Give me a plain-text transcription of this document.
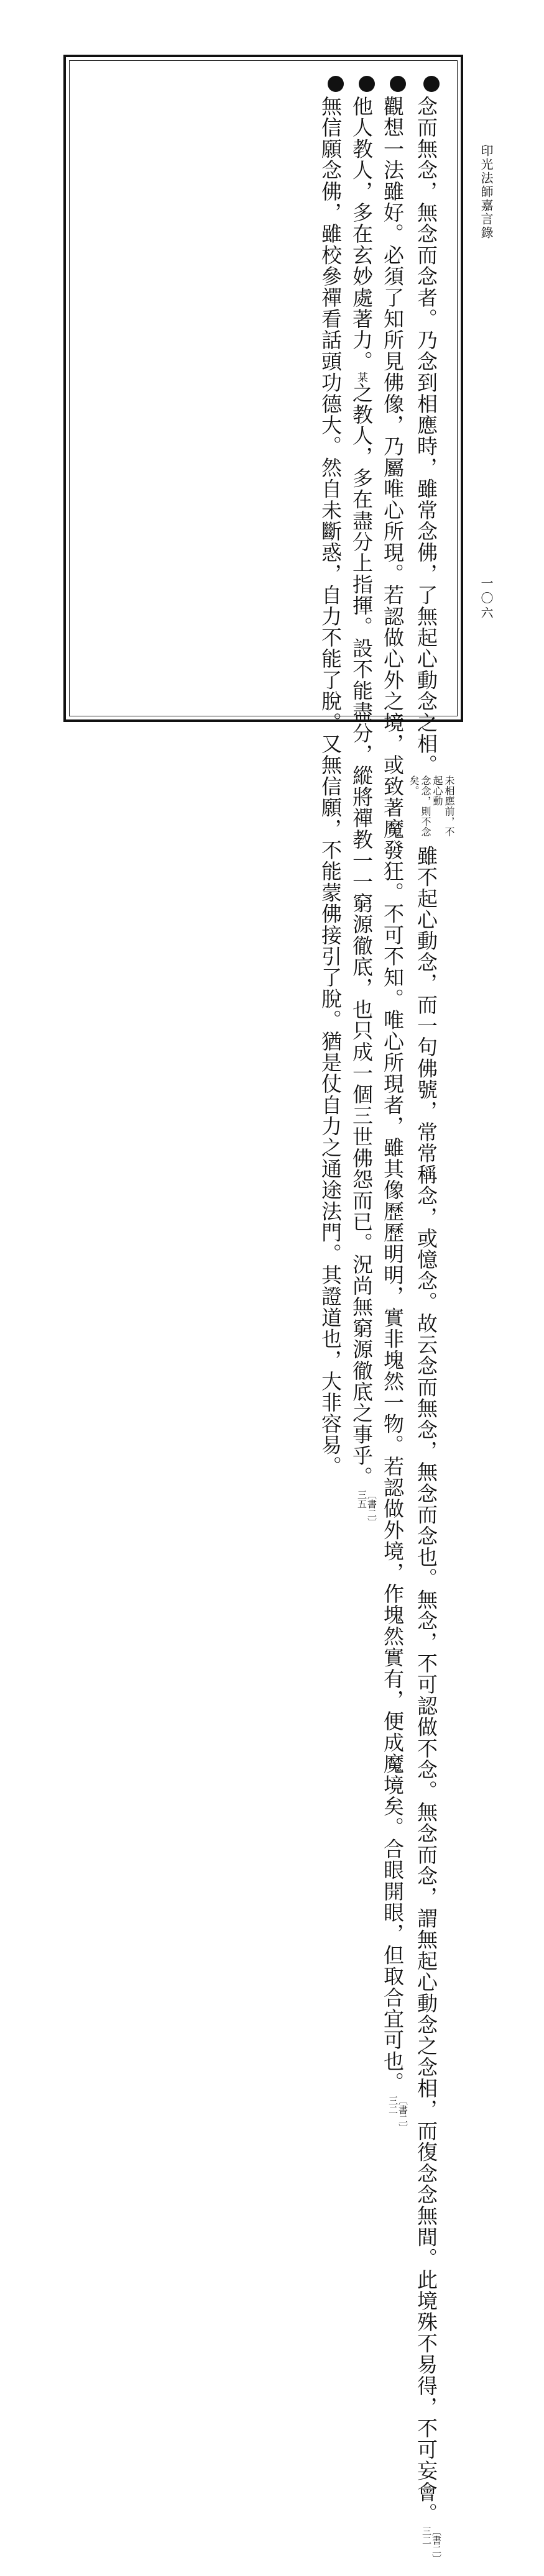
印光法師嘉言錄
一〇六
念而無念，無念而念者。乃念到相應時，雖常念佛，了無起心動念之相。
未相應前，不起心動
念念，則不念矣。
雖不起心動念，而一句佛號，常常稱念，或憶念。故云念而無念，無念而念也。無念，不可認做不念。無念而念，謂無起心動念之念相，而復念念無間。此境殊不易得，不可妄會。
〔書二〕
三二
觀想一法雖好。必須了知所見佛像，乃屬唯心所現。若認做心外之境，或致著魔發狂。不可不知。唯心所現者，雖其像歷歷明明，實非塊然一物。若認做外境，作塊然實有，便成魔境矣。合眼開眼，但取合宜可也。
〔書二〕
三二
他人教人，多在玄妙處著力。某之教人，多在盡分上指揮。設不能盡分，縱將禪教一一窮源徹底，也只成一個三世佛怨而已。況尚無窮源徹底之事乎。
〔書二〕
三五
無信願念佛，雖校參禪看話頭功德大。然自未斷惑，自力不能了脫。又無信願，不能蒙佛接引了脫。猶是仗自力之通途法門。其證道也，大非容易。
